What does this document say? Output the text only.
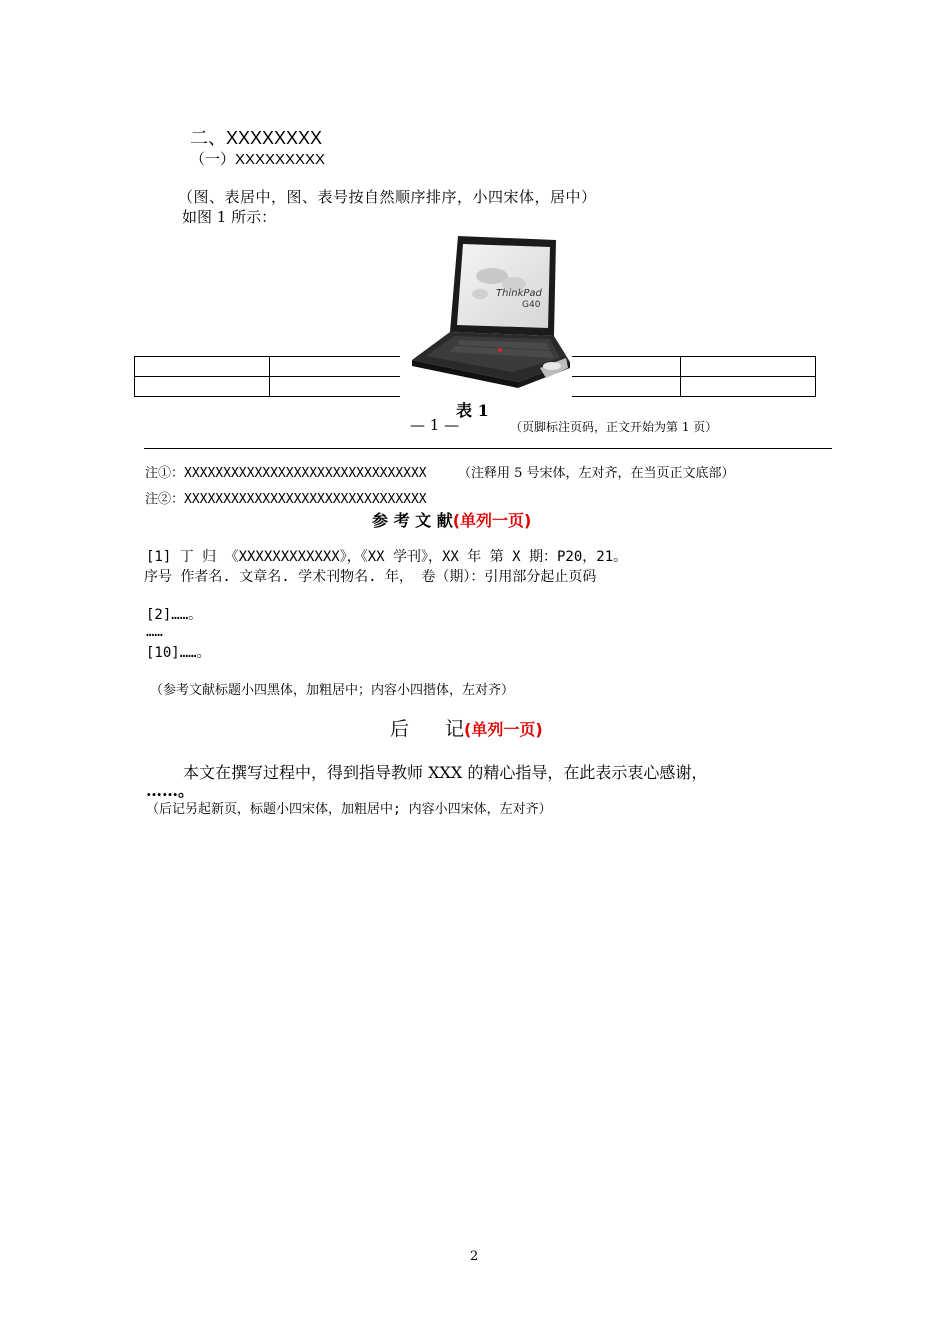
二、XXXXXXXX
（一）XXXXXXXXX
（图、表居中，图、表号按自然顺序排序，小四宋体，居中）
如图 1 所示：

ThinkPad
G40
表 1
— 1 —	（页脚标注页码，正文开始为第 1 页）
注①：XXXXXXXXXXXXXXXXXXXXXXXXXXXXXXX （注释用 5 号宋体，左对齐，在当页正文底部）
注②：XXXXXXXXXXXXXXXXXXXXXXXXXXXXXXX
参 考 文 献(单列一页)
[1] 丁 归 《XXXXXXXXXXXX》，《XX 学刊》，XX 年 第 X 期：P20，21。
序号 作者名. 文章名. 学术刊物名. 年， 卷（期）：引用部分起止页码
[2]……。
……
[10]……。
（参考文献标题小四黑体，加粗居中；内容小四揩体，左对齐）
后 记(单列一页)
本文在撰写过程中，得到指导教师 XXX 的精心指导，在此表示衷心感谢，
……。
（后记另起新页，标题小四宋体，加粗居中; 内容小四宋体，左对齐）
2
